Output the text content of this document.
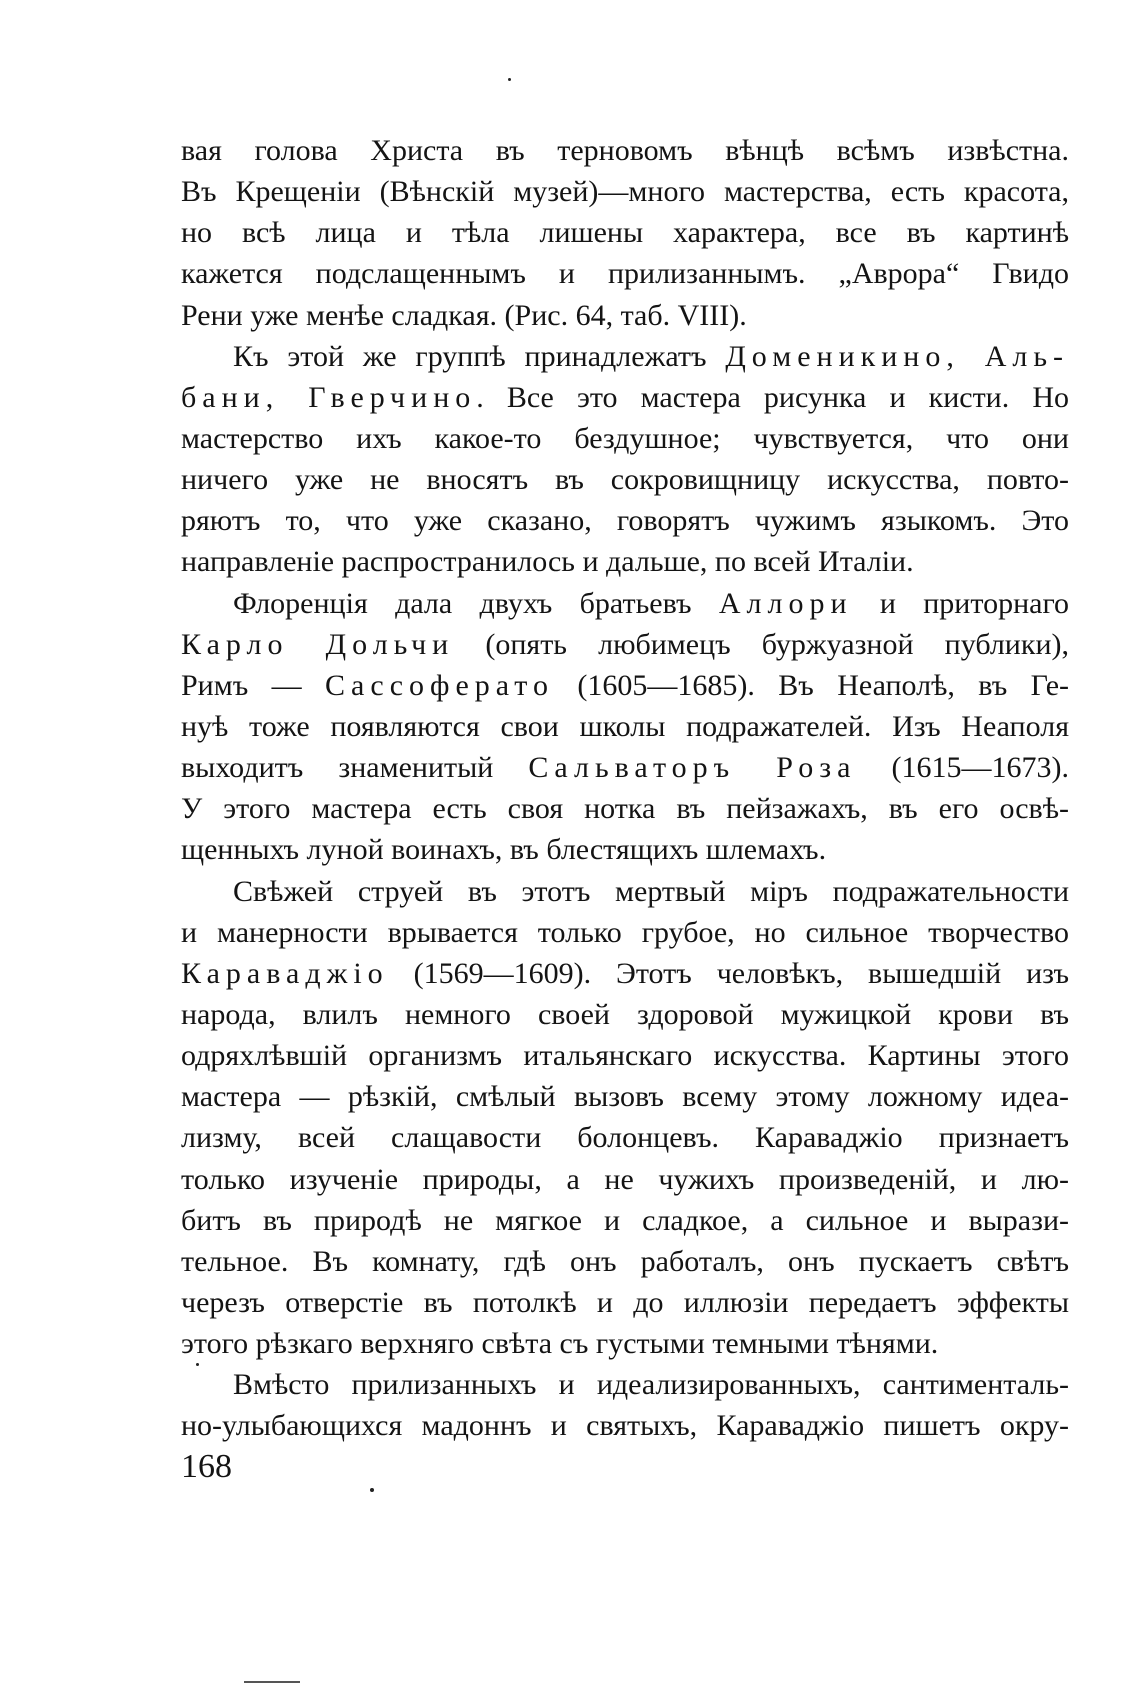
вая голова Христа въ терновомъ вѣнцѣ всѣмъ извѣстна.
Въ Крещеніи (Вѣнскій музей)—много мастерства, есть красота,
но всѣ лица и тѣла лишены характера, все въ картинѣ
кажется подслащеннымъ и прилизаннымъ. „Аврора“ Гвидо
Рени уже менѣе сладкая. (Рис. 64, таб. VIII).
Къ этой же группѣ принадлежатъ Доменикино, Аль-
бани, Гверчино. Все это мастера рисунка и кисти. Но
мастерство ихъ какое-то бездушное; чувствуется, что они
ничего уже не вносятъ въ сокровищницу искусства, повто-
ряютъ то, что уже сказано, говорятъ чужимъ языкомъ. Это
направленіе распространилось и дальше, по всей Италіи.
Флоренція дала двухъ братьевъ Аллори и приторнаго
Карло Дольчи (опять любимецъ буржуазной публики),
Римъ — Сассоферато (1605—1685). Въ Неаполѣ, въ Ге-
нуѣ тоже появляются свои школы подражателей. Изъ Неаполя
выходитъ знаменитый Сальваторъ Роза (1615—1673).
У этого мастера есть своя нотка въ пейзажахъ, въ его освѣ-
щенныхъ луной воинахъ, въ блестящихъ шлемахъ.
Свѣжей струей въ этотъ мертвый міръ подражательности
и манерности врывается только грубое, но сильное творчество
Караваджіо (1569—1609). Этотъ человѣкъ, вышедшій изъ
народа, влилъ немного своей здоровой мужицкой крови въ
одряхлѣвшій организмъ итальянскаго искусства. Картины этого
мастера — рѣзкій, смѣлый вызовъ всему этому ложному идеа-
лизму, всей слащавости болонцевъ. Караваджіо признаетъ
только изученіе природы, а не чужихъ произведеній, и лю-
битъ въ природѣ не мягкое и сладкое, а сильное и вырази-
тельное. Въ комнату, гдѣ онъ работалъ, онъ пускаетъ свѣтъ
черезъ отверстіе въ потолкѣ и до иллюзіи передаетъ эффекты
этого рѣзкаго верхняго свѣта съ густыми темными тѣнями.
Вмѣсто прилизанныхъ и идеализированныхъ, сантименталь-
но-улыбающихся мадоннъ и святыхъ, Караваджіо пишетъ окру-
168
